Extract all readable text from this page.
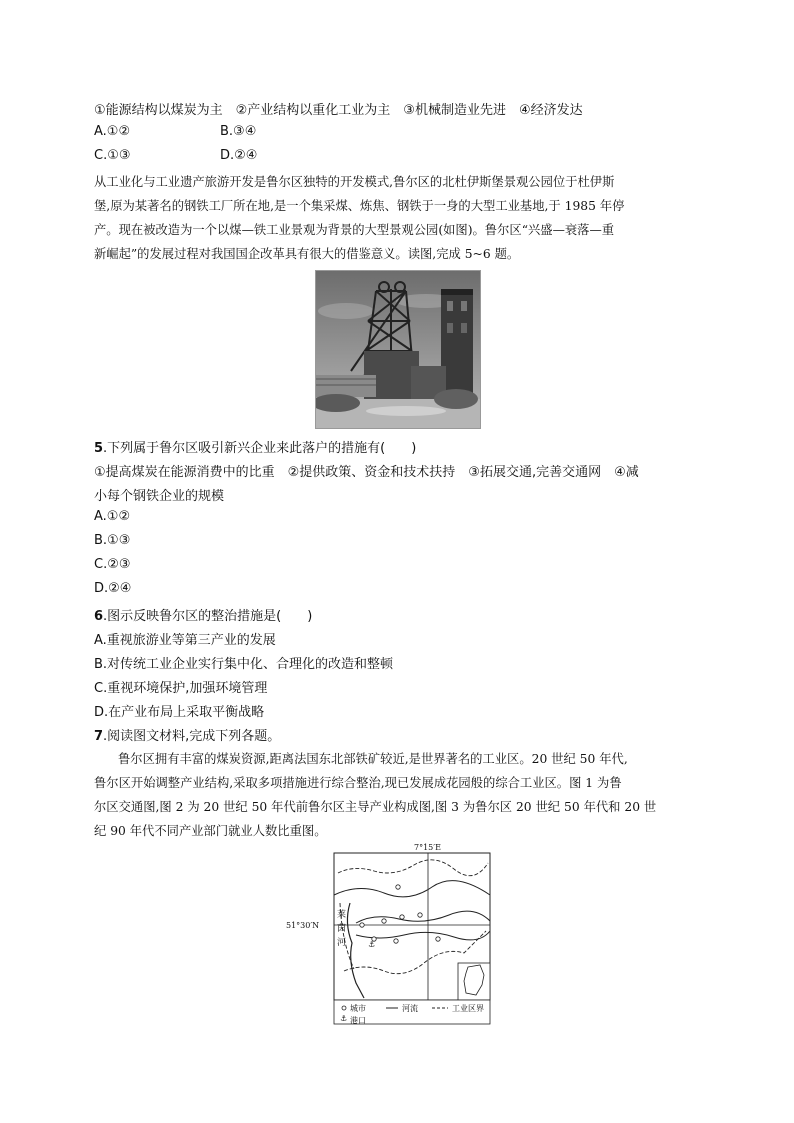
①能源结构以煤炭为主　②产业结构以重化工业为主　③机械制造业先进　④经济发达
A.①②	B.③④
C.①③	D.②④
从工业化与工业遗产旅游开发是鲁尔区独特的开发模式,鲁尔区的北杜伊斯堡景观公园位于杜伊斯
堡,原为某著名的钢铁工厂所在地,是一个集采煤、炼焦、钢铁于一身的大型工业基地,于 1985 年停
产。现在被改造为一个以煤—铁工业景观为背景的大型景观公园(如图)。鲁尔区“兴盛—衰落—重
新崛起”的发展过程对我国国企改革具有很大的借鉴意义。读图,完成 5~6 题。
5.下列属于鲁尔区吸引新兴企业来此落户的措施有(　　)
①提高煤炭在能源消费中的比重　②提供政策、资金和技术扶持　③拓展交通,完善交通网　④减
小每个钢铁企业的规模
A.①②
B.①③
C.②③
D.②④
6.图示反映鲁尔区的整治措施是(　　)
A.重视旅游业等第三产业的发展
B.对传统工业企业实行集中化、合理化的改造和整顿
C.重视环境保护,加强环境管理
D.在产业布局上采取平衡战略
7.阅读图文材料,完成下列各题。
鲁尔区拥有丰富的煤炭资源,距离法国东北部铁矿较近,是世界著名的工业区。20 世纪 50 年代,
鲁尔区开始调整产业结构,采取多项措施进行综合整治,现已发展成花园般的综合工业区。图 1 为鲁
尔区交通图,图 2 为 20 世纪 50 年代前鲁尔区主导产业构成图,图 3 为鲁尔区 20 世纪 50 年代和 20 世
纪 90 年代不同产业部门就业人数比重图。
7°15′E
51°30′N
⚓
⚓
莱
茵
河
城市	河流	工业区界
港口
